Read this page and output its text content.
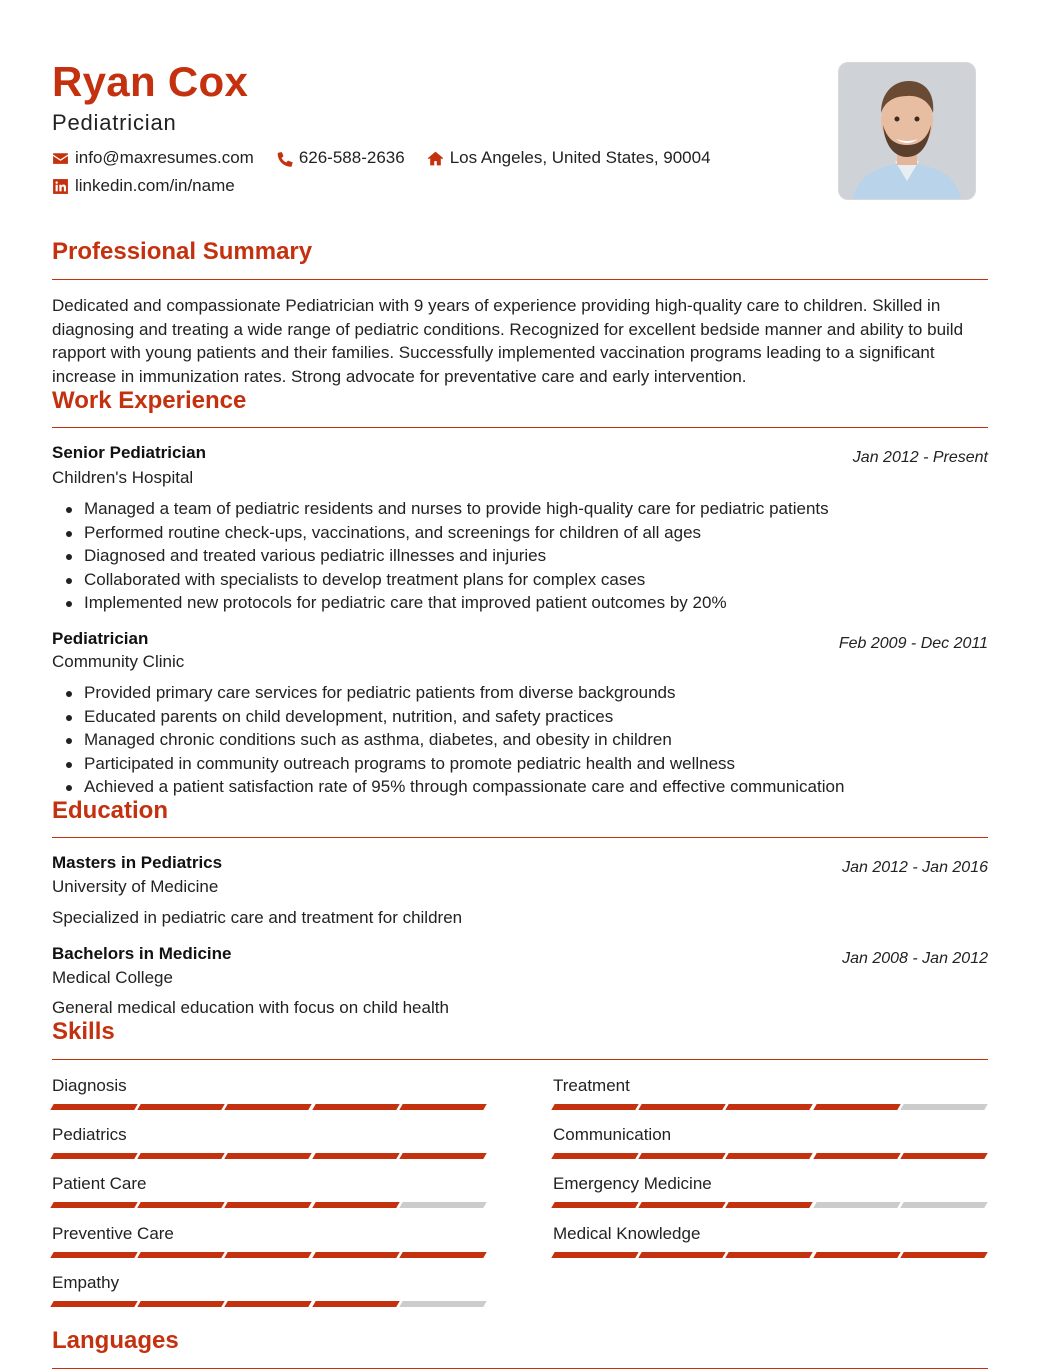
Ryan Cox
Pediatrician
info@maxresumes.com	626-588-2636	Los Angeles, United States, 90004
linkedin.com/in/name
Professional Summary
Dedicated and compassionate Pediatrician with 9 years of experience providing high-quality care to children. Skilled in diagnosing and treating a wide range of pediatric conditions. Recognized for excellent bedside manner and ability to build rapport with young patients and their families. Successfully implemented vaccination programs leading to a significant increase in immunization rates. Strong advocate for preventative care and early intervention.
Work Experience
Senior Pediatrician	Jan 2012 - Present
Children's Hospital
Managed a team of pediatric residents and nurses to provide high-quality care for pediatric patients
Performed routine check-ups, vaccinations, and screenings for children of all ages
Diagnosed and treated various pediatric illnesses and injuries
Collaborated with specialists to develop treatment plans for complex cases
Implemented new protocols for pediatric care that improved patient outcomes by 20%
Pediatrician	Feb 2009 - Dec 2011
Community Clinic
Provided primary care services for pediatric patients from diverse backgrounds
Educated parents on child development, nutrition, and safety practices
Managed chronic conditions such as asthma, diabetes, and obesity in children
Participated in community outreach programs to promote pediatric health and wellness
Achieved a patient satisfaction rate of 95% through compassionate care and effective communication
Education
Masters in Pediatrics	Jan 2012 - Jan 2016
University of Medicine
Specialized in pediatric care and treatment for children
Bachelors in Medicine	Jan 2008 - Jan 2012
Medical College
General medical education with focus on child health
Skills
Diagnosis	Treatment
Pediatrics	Communication
Patient Care	Emergency Medicine
Preventive Care	Medical Knowledge
Empathy
Languages
